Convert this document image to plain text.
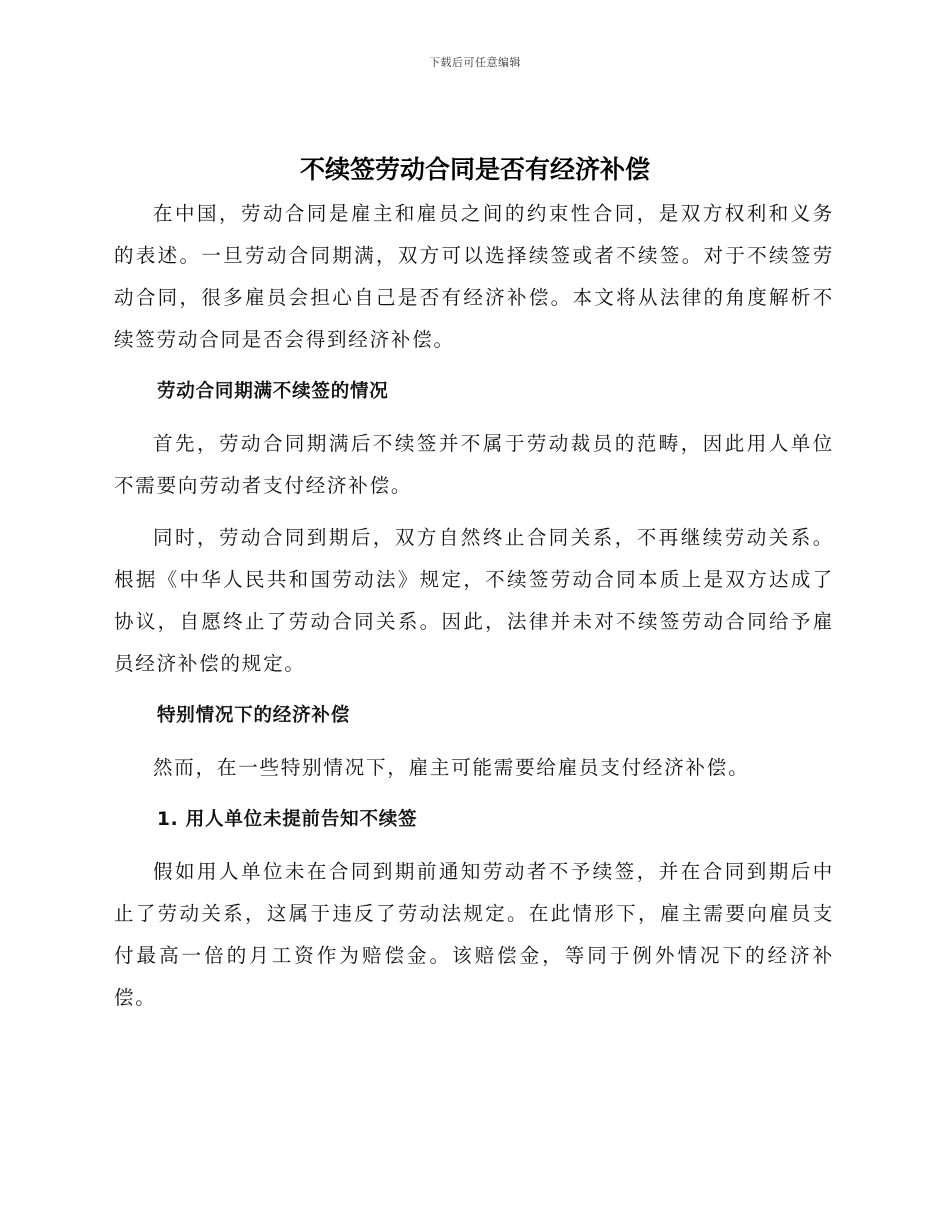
下载后可任意编辑
不续签劳动合同是否有经济补偿

在中国，劳动合同是雇主和雇员之间的约束性合同，是双方权利和义务的表述。一旦劳动合同期满，双方可以选择续签或者不续签。对于不续签劳动合同，很多雇员会担心自己是否有经济补偿。本文将从法律的角度解析不续签劳动合同是否会得到经济补偿。

劳动合同期满不续签的情况

首先，劳动合同期满后不续签并不属于劳动裁员的范畴，因此用人单位不需要向劳动者支付经济补偿。

同时，劳动合同到期后，双方自然终止合同关系，不再继续劳动关系。根据《中华人民共和国劳动法》规定，不续签劳动合同本质上是双方达成了协议，自愿终止了劳动合同关系。因此，法律并未对不续签劳动合同给予雇员经济补偿的规定。

特别情况下的经济补偿

然而，在一些特别情况下，雇主可能需要给雇员支付经济补偿。

1. 用人单位未提前告知不续签

假如用人单位未在合同到期前通知劳动者不予续签，并在合同到期后中止了劳动关系，这属于违反了劳动法规定。在此情形下，雇主需要向雇员支付最高一倍的月工资作为赔偿金。该赔偿金，等同于例外情况下的经济补偿。
